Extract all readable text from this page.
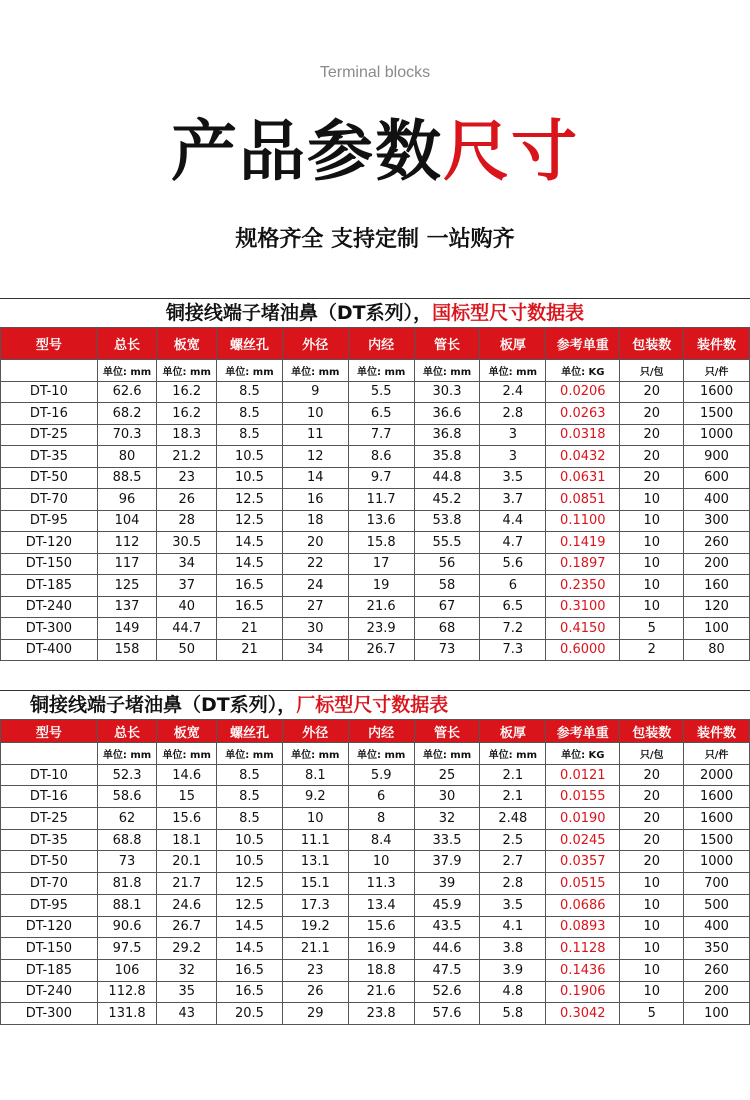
Terminal blocks
产品参数尺寸
规格齐全 支持定制 一站购齐
铜接线端子堵油鼻（DT系列），国标型尺寸数据表
型号	总长	板宽	螺丝孔	外径	内经	管长	板厚	参考单重	包装数	装件数
	单位: mm	单位: mm	单位: mm	单位: mm	单位: mm	单位: mm	单位: mm	单位: KG	只/包	只/件
DT-10	62.6	16.2	8.5	9	5.5	30.3	2.4	0.0206	20	1600
DT-16	68.2	16.2	8.5	10	6.5	36.6	2.8	0.0263	20	1500
DT-25	70.3	18.3	8.5	11	7.7	36.8	3	0.0318	20	1000
DT-35	80	21.2	10.5	12	8.6	35.8	3	0.0432	20	900
DT-50	88.5	23	10.5	14	9.7	44.8	3.5	0.0631	20	600
DT-70	96	26	12.5	16	11.7	45.2	3.7	0.0851	10	400
DT-95	104	28	12.5	18	13.6	53.8	4.4	0.1100	10	300
DT-120	112	30.5	14.5	20	15.8	55.5	4.7	0.1419	10	260
DT-150	117	34	14.5	22	17	56	5.6	0.1897	10	200
DT-185	125	37	16.5	24	19	58	6	0.2350	10	160
DT-240	137	40	16.5	27	21.6	67	6.5	0.3100	10	120
DT-300	149	44.7	21	30	23.9	68	7.2	0.4150	5	100
DT-400	158	50	21	34	26.7	73	7.3	0.6000	2	80
铜接线端子堵油鼻（DT系列），厂标型尺寸数据表
型号	总长	板宽	螺丝孔	外径	内经	管长	板厚	参考单重	包装数	装件数
	单位: mm	单位: mm	单位: mm	单位: mm	单位: mm	单位: mm	单位: mm	单位: KG	只/包	只/件
DT-10	52.3	14.6	8.5	8.1	5.9	25	2.1	0.0121	20	2000
DT-16	58.6	15	8.5	9.2	6	30	2.1	0.0155	20	1600
DT-25	62	15.6	8.5	10	8	32	2.48	0.0190	20	1600
DT-35	68.8	18.1	10.5	11.1	8.4	33.5	2.5	0.0245	20	1500
DT-50	73	20.1	10.5	13.1	10	37.9	2.7	0.0357	20	1000
DT-70	81.8	21.7	12.5	15.1	11.3	39	2.8	0.0515	10	700
DT-95	88.1	24.6	12.5	17.3	13.4	45.9	3.5	0.0686	10	500
DT-120	90.6	26.7	14.5	19.2	15.6	43.5	4.1	0.0893	10	400
DT-150	97.5	29.2	14.5	21.1	16.9	44.6	3.8	0.1128	10	350
DT-185	106	32	16.5	23	18.8	47.5	3.9	0.1436	10	260
DT-240	112.8	35	16.5	26	21.6	52.6	4.8	0.1906	10	200
DT-300	131.8	43	20.5	29	23.8	57.6	5.8	0.3042	5	100
